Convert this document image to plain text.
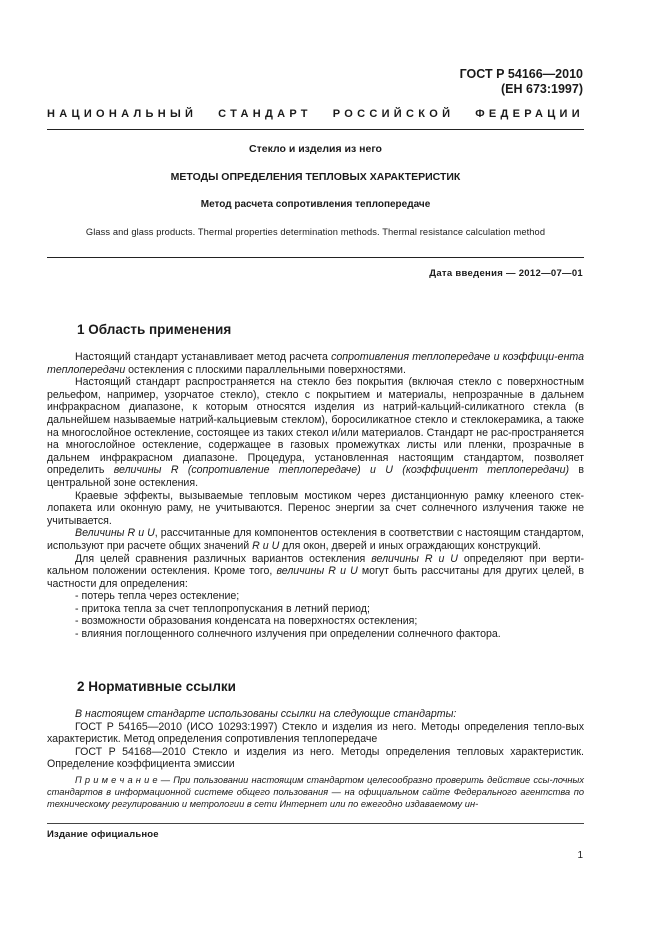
ГОСТ Р 54166—2010
(ЕН 673:1997)
НАЦИОНАЛЬНЫЙ СТАНДАРТ РОССИЙСКОЙ ФЕДЕРАЦИИ
Стекло и изделия из него
МЕТОДЫ ОПРЕДЕЛЕНИЯ ТЕПЛОВЫХ ХАРАКТЕРИСТИК
Метод расчета сопротивления теплопередаче
Glass and glass products. Thermal properties determination methods. Thermal resistance calculation method
Дата введения — 2012—07—01
1 Область применения

Настоящий стандарт устанавливает метод расчета сопротивления теплопередаче и коэффици-ента теплопередачи остекления с плоскими параллельными поверхностями.

Настоящий стандарт распространяется на стекло без покрытия (включая стекло с поверхностным рельефом, например, узорчатое стекло), стекло с покрытием и материалы, непрозрачные в дальнем инфракрасном диапазоне, к которым относятся изделия из натрий-кальций-силикатного стекла (в дальнейшем называемые натрий-кальциевым стеклом), боросиликатное стекло и стеклокерамика, а также на многослойное остекление, состоящее из таких стекол и/или материалов. Стандарт не рас-пространяется на многослойное остекление, содержащее в газовых промежутках листы или пленки, прозрачные в дальнем инфракрасном диапазоне. Процедура, установленная настоящим стандартом, позволяет определить величины R (сопротивление теплопередаче) и U (коэффициент теплопередачи) в центральной зоне остекления.

Краевые эффекты, вызываемые тепловым мостиком через дистанционную рамку клееного стек-лопакета или оконную раму, не учитываются. Перенос энергии за счет солнечного излучения также не учитывается.

Величины R и U, рассчитанные для компонентов остекления в соответствии с настоящим стандартом, используют при расчете общих значений R и U для окон, дверей и иных ограждающих конструкций.

Для целей сравнения различных вариантов остекления величины R и U определяют при верти-кальном положении остекления. Кроме того, величины R и U могут быть рассчитаны для других целей, в частности для определения:

- потерь тепла через остекление;

- притока тепла за счет теплопропускания в летний период;

- возможности образования конденсата на поверхностях остекления;

- влияния поглощенного солнечного излучения при определении солнечного фактора.

2 Нормативные ссылки

В настоящем стандарте использованы ссылки на следующие стандарты:

ГОСТ Р 54165—2010 (ИСО 10293:1997) Стекло и изделия из него. Методы определения тепло-вых характеристик. Метод определения сопротивления теплопередаче

ГОСТ Р 54168—2010 Стекло и изделия из него. Методы определения тепловых характеристик. Определение коэффициента эмиссии

П р и м е ч а н и е — При пользовании настоящим стандартом целесообразно проверить действие ссы-лочных стандартов в информационной системе общего пользования — на официальном сайте Федерального агентства по техническому регулированию и метрологии в сети Интернет или по ежегодно издаваемому ин-

Издание официальное
1
